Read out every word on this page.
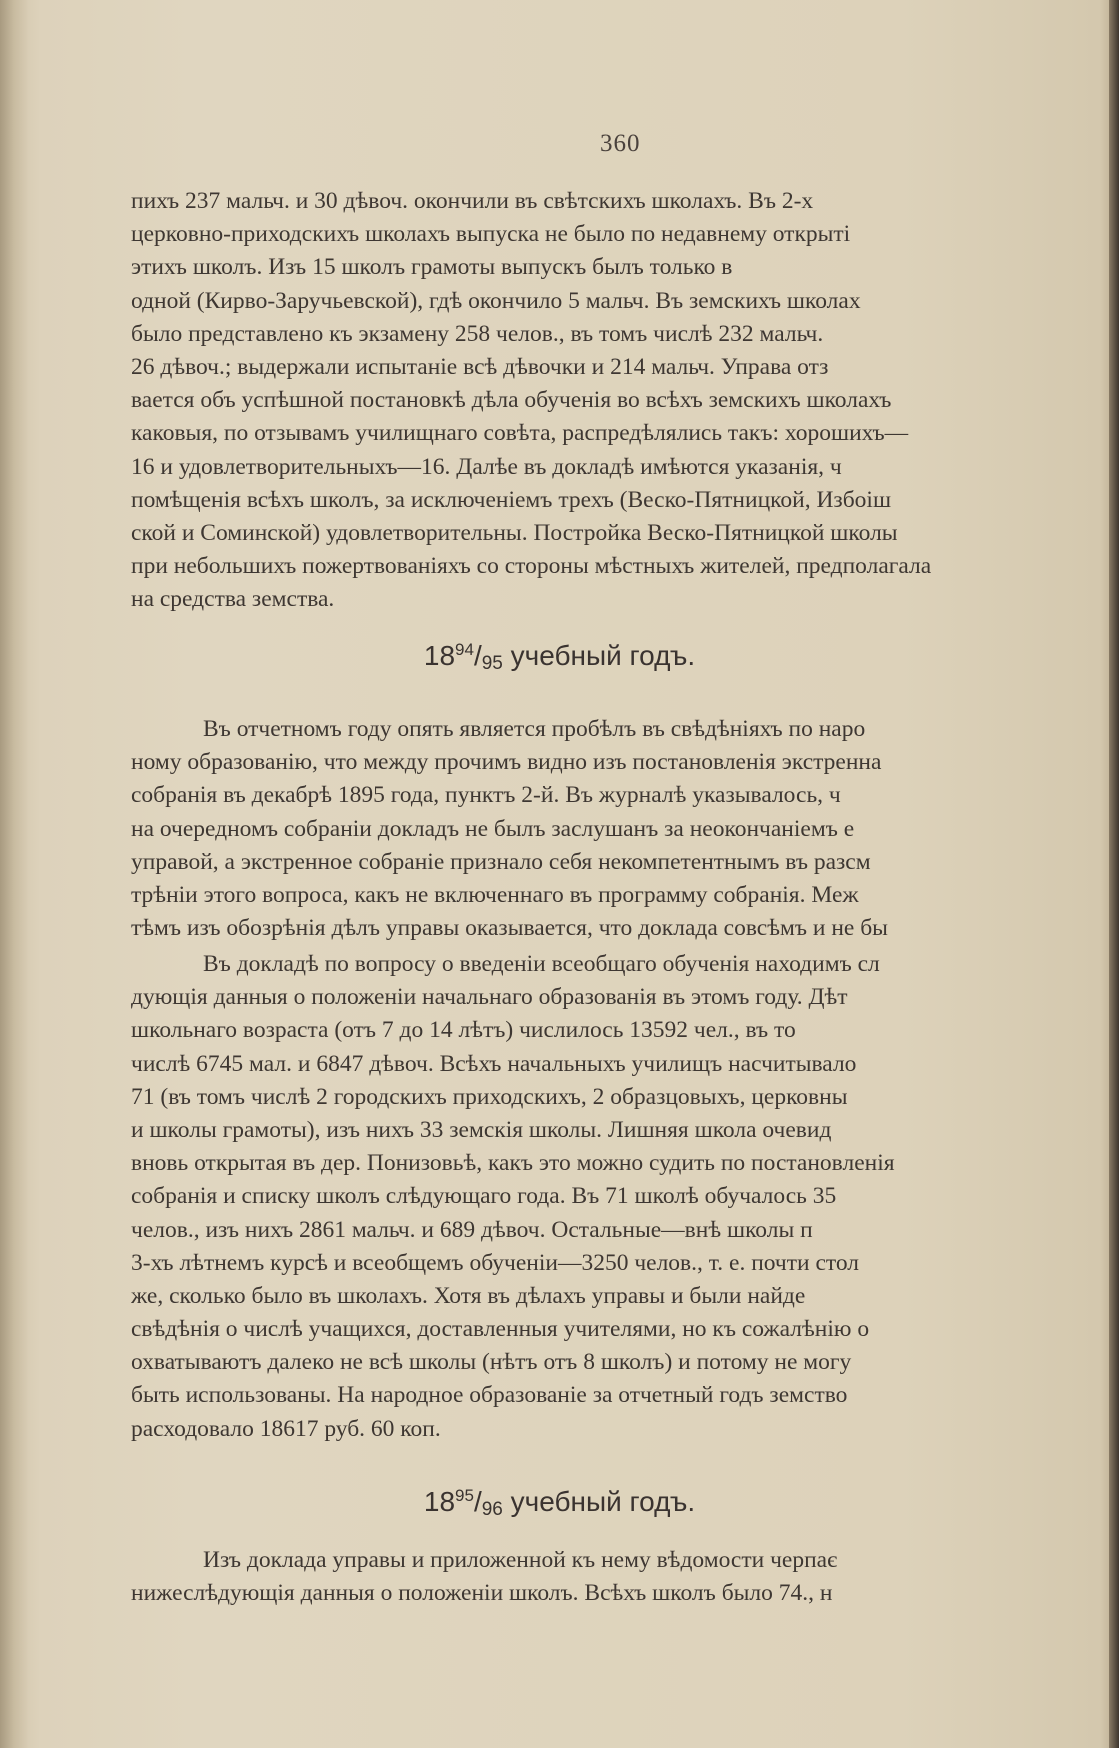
360
пихъ 237 мальч. и 30 дѣвоч. окончили въ свѣтскихъ школахъ. Въ 2-х
церковно-приходскихъ школахъ выпуска не было по недавнему открыті
этихъ школъ. Изъ 15 школъ грамоты выпускъ былъ только в
одной (Кирво-Заручьевской), гдѣ окончило 5 мальч. Въ земскихъ школах
было представлено къ экзамену 258 челов., въ томъ числѣ 232 мальч.
26 дѣвоч.; выдержали испытаніе всѣ дѣвочки и 214 мальч. Управа отз
вается объ успѣшной постановкѣ дѣла обученія во всѣхъ земскихъ школахъ
каковыя, по отзывамъ училищнаго совѣта, распредѣлялись такъ: хорошихъ—
16 и удовлетворительныхъ—16. Далѣе въ докладѣ имѣются указанія, ч
помѣщенія всѣхъ школъ, за исключеніемъ трехъ (Веско-Пятницкой, Избоіш
ской и Соминской) удовлетворительны. Постройка Веско-Пятницкой школы
при небольшихъ пожертвованіяхъ со стороны мѣстныхъ жителей, предполагала
на средства земства.
$18^{94}/_{95}$ учебный годъ.
Въ отчетномъ году опять является пробѣлъ въ свѣдѣніяхъ по наро
ному образованію, что между прочимъ видно изъ постановленія экстренна
собранія въ декабрѣ 1895 года, пунктъ 2-й. Въ журналѣ указывалось, ч
на очередномъ собраніи докладъ не былъ заслушанъ за неокончаніемъ е
управой, а экстренное собраніе признало себя некомпетентнымъ въ разсм
трѣніи этого вопроса, какъ не включеннаго въ программу собранія. Меж
тѣмъ изъ обозрѣнія дѣлъ управы оказывается, что доклада совсѣмъ и не бы
Въ докладѣ по вопросу о введеніи всеобщаго обученія находимъ сл
дующія данныя о положеніи начальнаго образованія въ этомъ году. Дѣт
школьнаго возраста (отъ 7 до 14 лѣтъ) числилось 13592 чел., въ то
числѣ 6745 мал. и 6847 дѣвоч. Всѣхъ начальныхъ училищъ насчитывало
71 (въ томъ числѣ 2 городскихъ приходскихъ, 2 образцовыхъ, церковны
и школы грамоты), изъ нихъ 33 земскія школы. Лишняя школа очевид
вновь открытая въ дер. Понизовьѣ, какъ это можно судить по постановленія
собранія и списку школъ слѣдующаго года. Въ 71 школѣ обучалось 35
челов., изъ нихъ 2861 мальч. и 689 дѣвоч. Остальные—внѣ школы п
3-хъ лѣтнемъ курсѣ и всеобщемъ обученіи—3250 челов., т. е. почти стол
же, сколько было въ школахъ. Хотя въ дѣлахъ управы и были найде
свѣдѣнія о числѣ учащихся, доставленныя учителями, но къ сожалѣнію о
охватываютъ далеко не всѣ школы (нѣтъ отъ 8 школъ) и потому не могу
быть использованы. На народное образованіе за отчетный годъ земство
расходовало 18617 руб. 60 коп.
$18^{95}/_{96}$ учебный годъ.
Изъ доклада управы и приложенной къ нему вѣдомости черпає
нижеслѣдующія данныя о положеніи школъ. Всѣхъ школъ было 74., н
